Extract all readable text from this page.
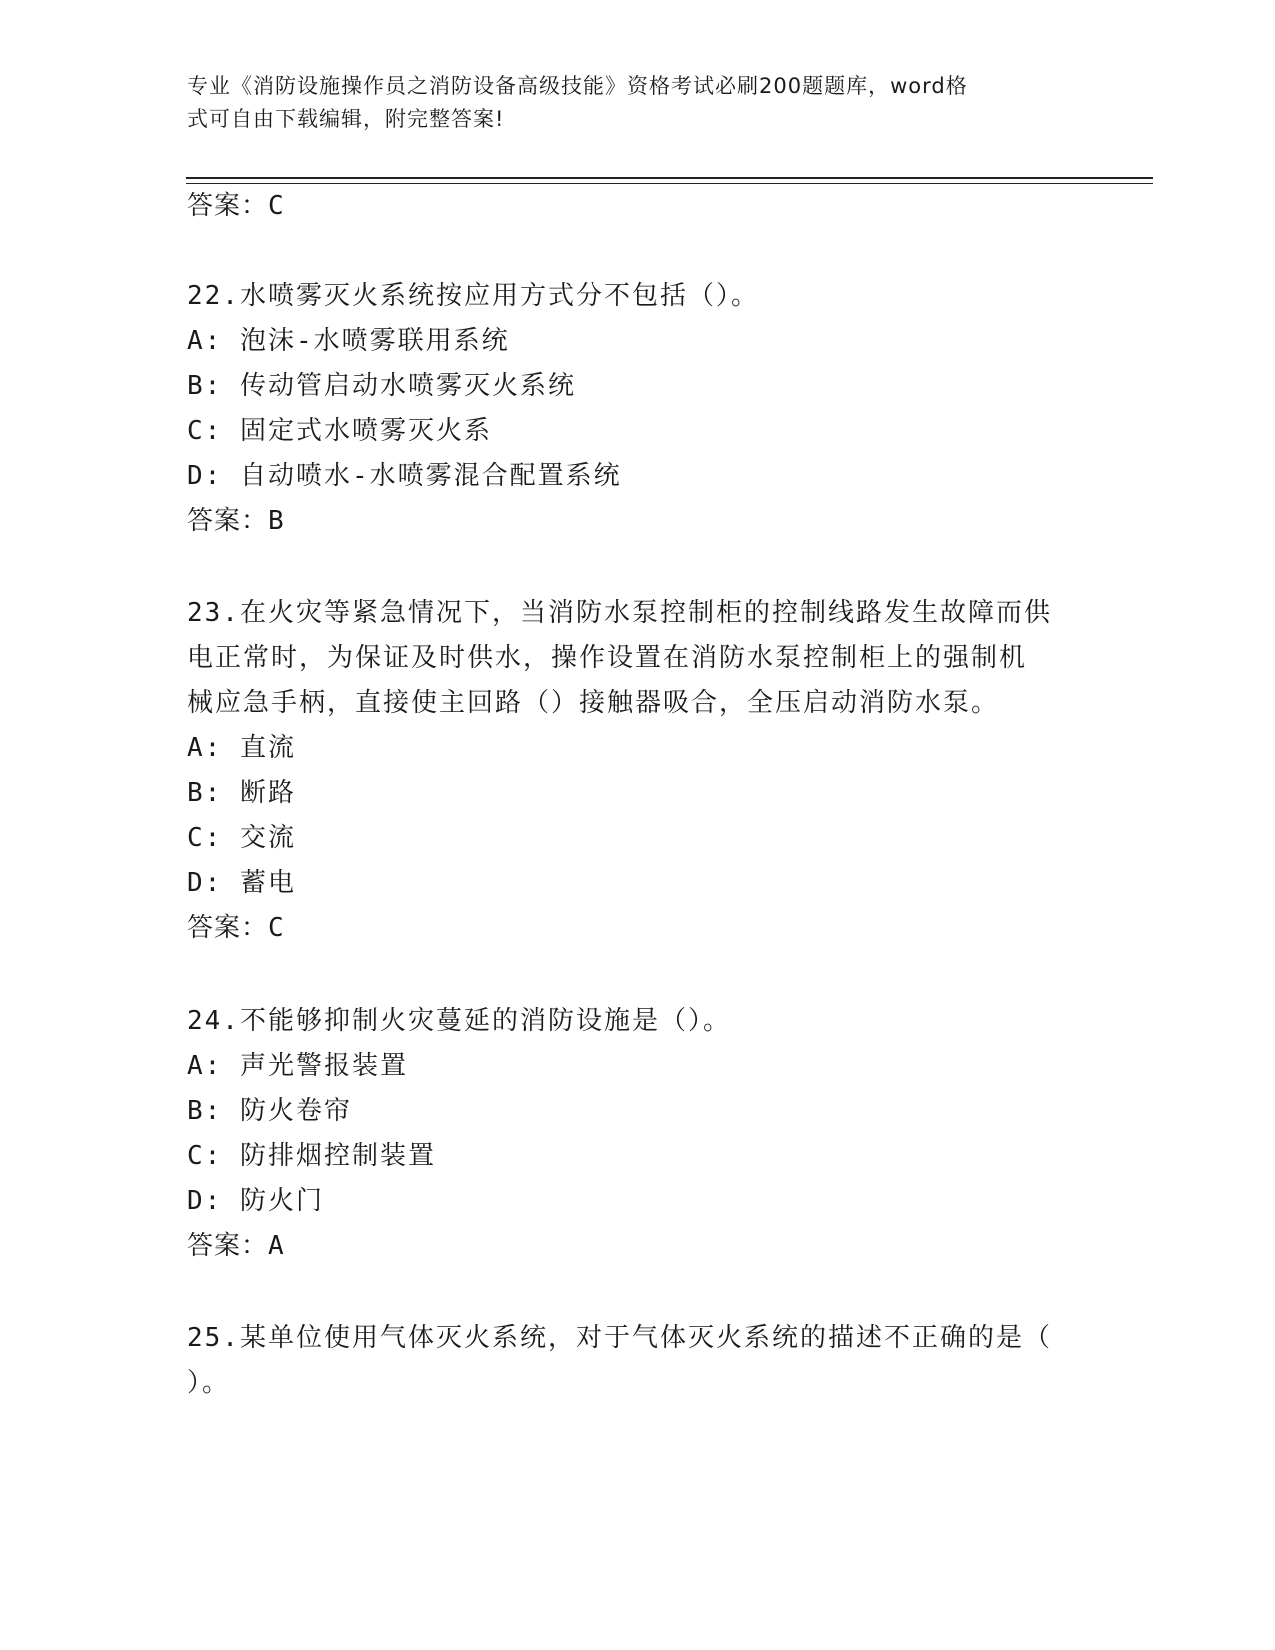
专业《消防设施操作员之消防设备高级技能》资格考试必刷200题题库，word格
式可自由下载编辑，附完整答案!
答案：C
22.水喷雾灭火系统按应用方式分不包括（）。
A: 泡沫-水喷雾联用系统
B: 传动管启动水喷雾灭火系统
C: 固定式水喷雾灭火系
D: 自动喷水-水喷雾混合配置系统
答案：B
23.在火灾等紧急情况下，当消防水泵控制柜的控制线路发生故障而供
电正常时，为保证及时供水，操作设置在消防水泵控制柜上的强制机
械应急手柄，直接使主回路（）接触器吸合，全压启动消防水泵。
A: 直流
B: 断路
C: 交流
D: 蓄电
答案：C
24.不能够抑制火灾蔓延的消防设施是（）。
A: 声光警报装置
B: 防火卷帘
C: 防排烟控制装置
D: 防火门
答案：A
25.某单位使用气体灭火系统，对于气体灭火系统的描述不正确的是（
）。
